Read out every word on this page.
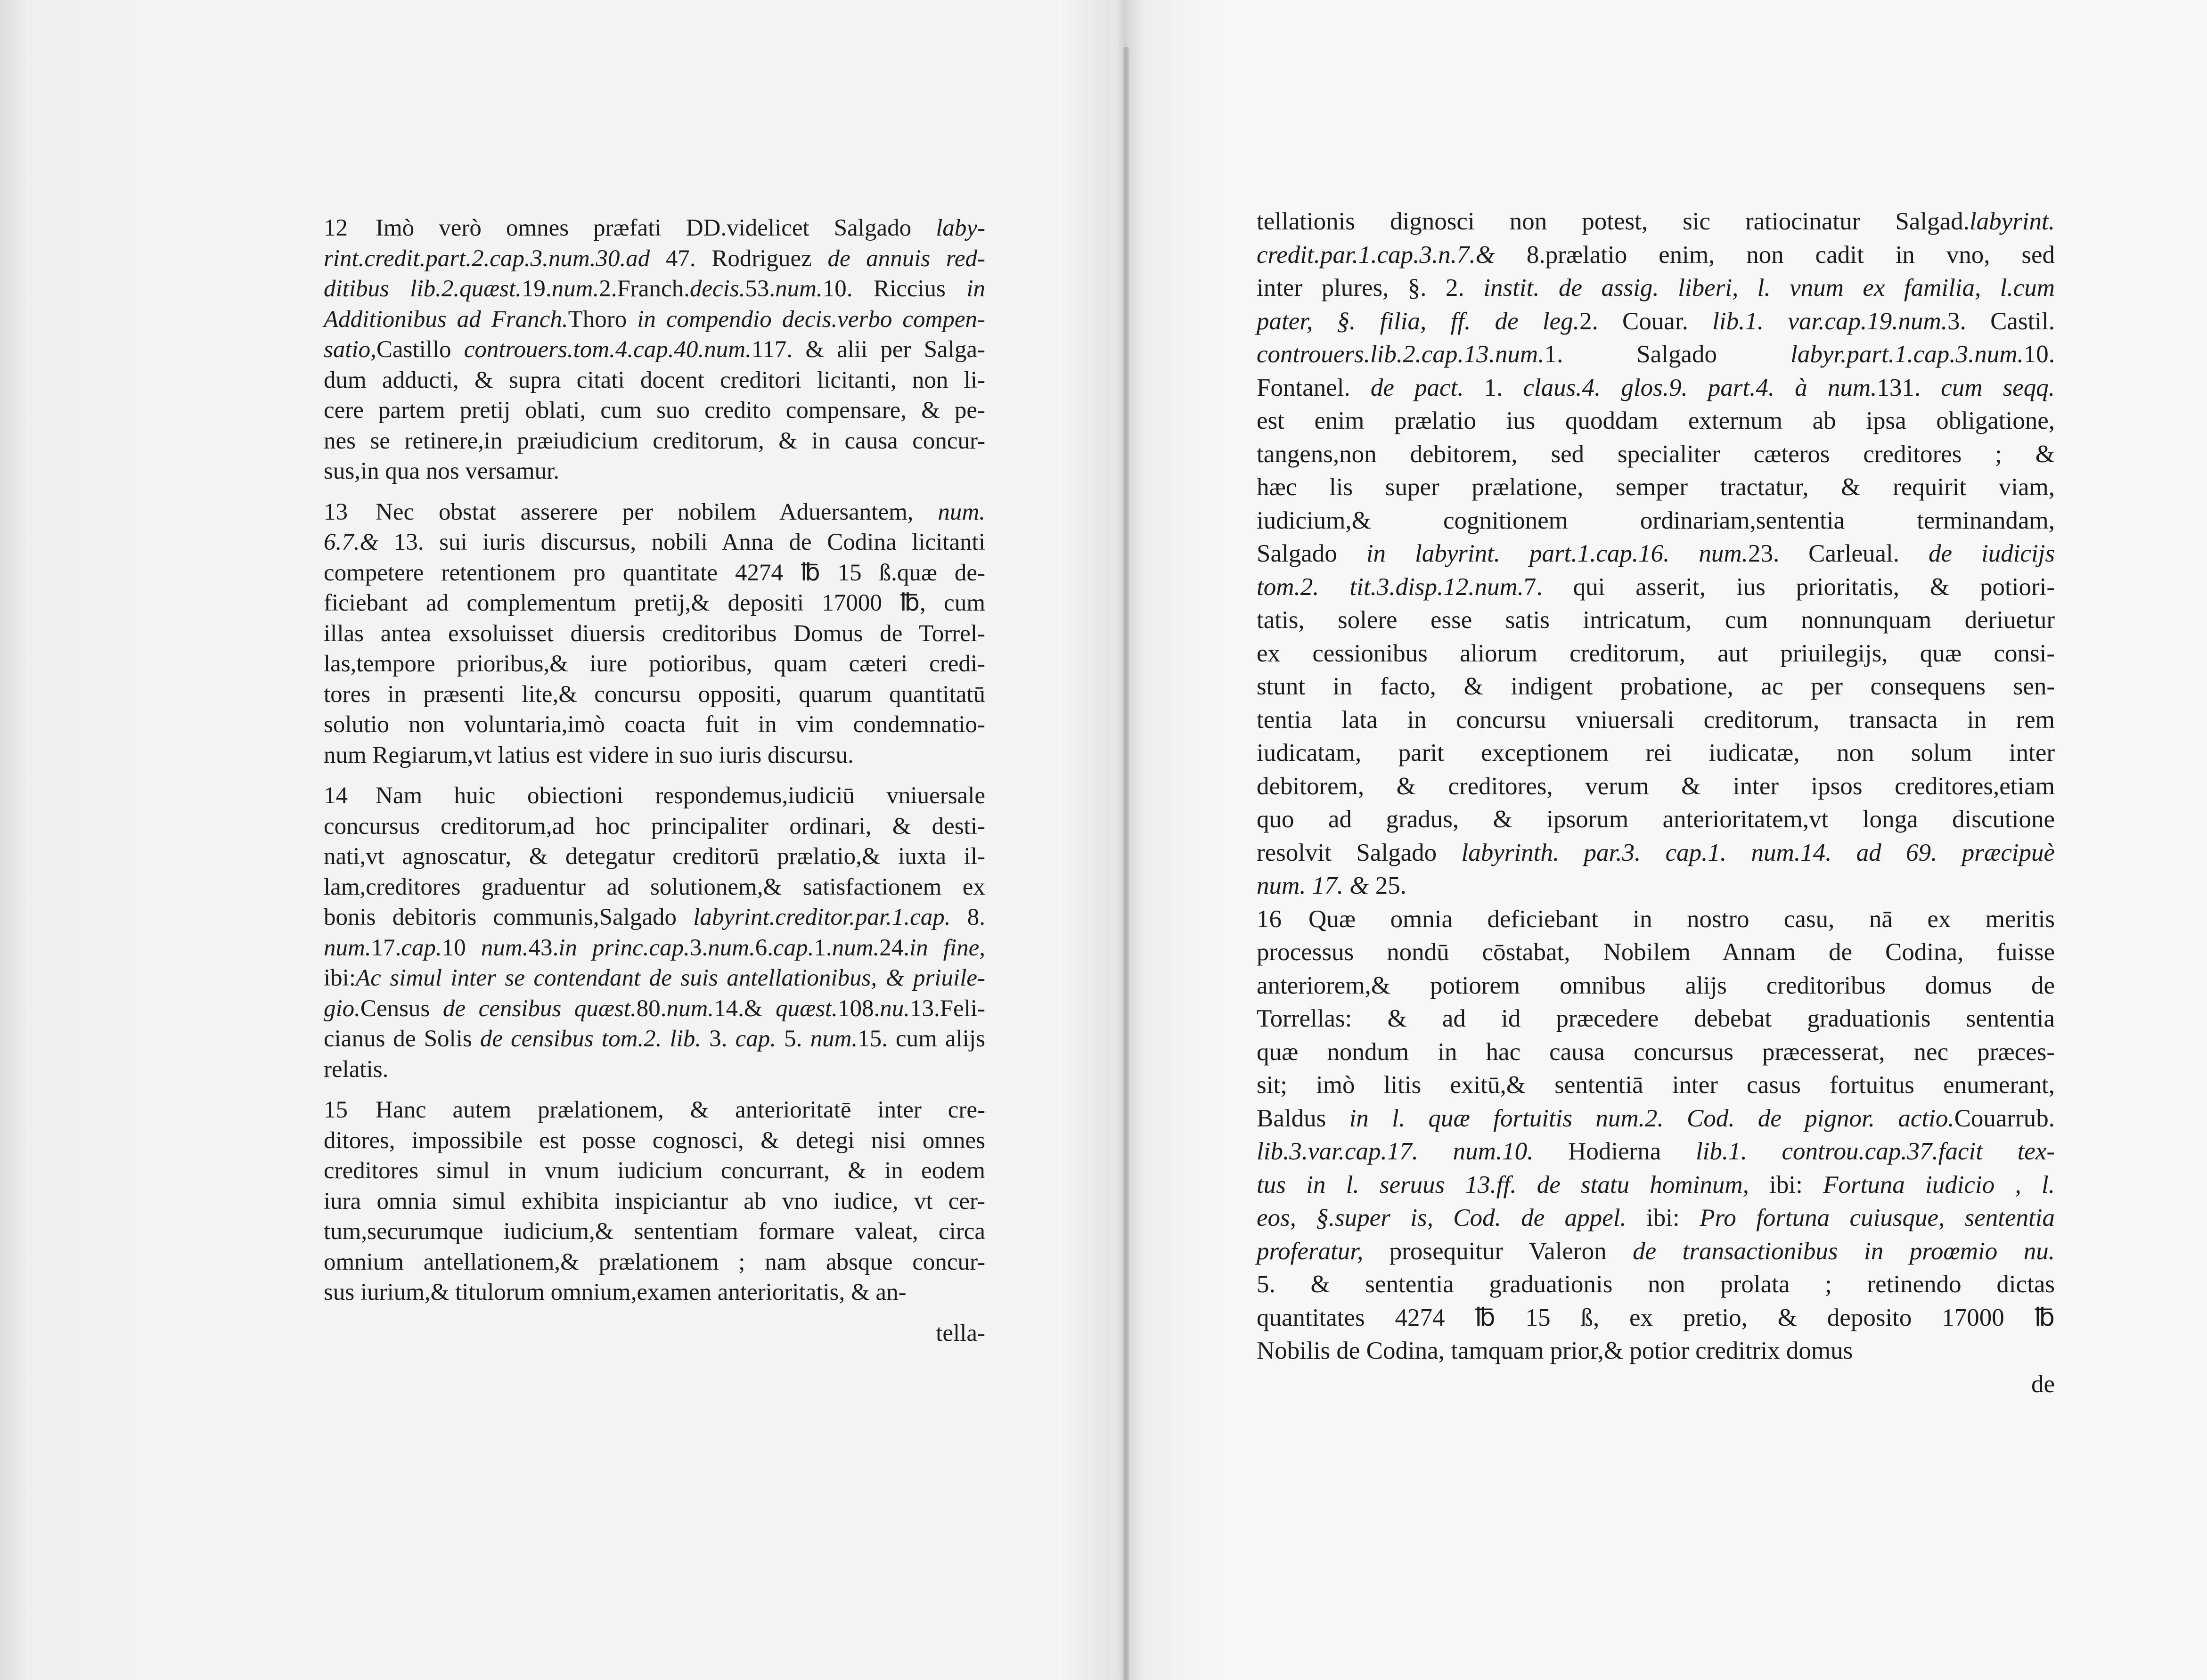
12 Imò verò omnes præfati DD.videlicet Salgado laby-
rint.credit.part.2.cap.3.num.30.ad 47. Rodriguez de annuis red-
ditibus lib.2.quæst.19.num.2.Franch.decis.53.num.10. Riccius in
Additionibus ad Franch.Thoro in compendio decis.verbo compen-
satio,Castillo controuers.tom.4.cap.40.num.117. & alii per Salga-
dum adducti, & supra citati docent creditori licitanti, non li-
cere partem pretij oblati, cum suo credito compensare, & pe-
nes se retinere,in præiudicium creditorum, & in causa concur-
sus,in qua nos versamur.
13 Nec obstat asserere per nobilem Aduersantem, num.
6.7.& 13. sui iuris discursus, nobili Anna de Codina licitanti
competere retentionem pro quantitate 4274 ℔ 15 ß.quæ de-
ficiebant ad complementum pretij,& depositi 17000 ℔, cum
illas antea exsoluisset diuersis creditoribus Domus de Torrel-
las,tempore prioribus,& iure potioribus, quam cæteri credi-
tores in præsenti lite,& concursu oppositi, quarum quantitatū
solutio non voluntaria,imò coacta fuit in vim condemnatio-
num Regiarum,vt latius est videre in suo iuris discursu.
14 Nam huic obiectioni respondemus,iudiciū vniuersale
concursus creditorum,ad hoc principaliter ordinari, & desti-
nati,vt agnoscatur, & detegatur creditorū prælatio,& iuxta il-
lam,creditores graduentur ad solutionem,& satisfactionem ex
bonis debitoris communis,Salgado labyrint.creditor.par.1.cap. 8.
num.17.cap.10 num.43.in princ.cap.3.num.6.cap.1.num.24.in fine,
ibi:Ac simul inter se contendant de suis antellationibus, & priuile-
gio.Census de censibus quæst.80.num.14.& quæst.108.nu.13.Feli-
cianus de Solis de censibus tom.2. lib. 3. cap. 5. num.15. cum alijs
relatis.
15 Hanc autem prælationem, & anterioritatē inter cre-
ditores, impossibile est posse cognosci, & detegi nisi omnes
creditores simul in vnum iudicium concurrant, & in eodem
iura omnia simul exhibita inspiciantur ab vno iudice, vt cer-
tum,securumque iudicium,& sententiam formare valeat, circa
omnium antellationem,& prælationem ; nam absque concur-
sus iurium,& titulorum omnium,examen anterioritatis, & an-
tella-
tellationis dignosci non potest, sic ratiocinatur Salgad.labyrint.
credit.par.1.cap.3.n.7.& 8.prælatio enim, non cadit in vno, sed
inter plures, §. 2. instit. de assig. liberi, l. vnum ex familia, l.cum
pater, §. filia, ff. de leg.2. Couar. lib.1. var.cap.19.num.3. Castil.
controuers.lib.2.cap.13.num.1. Salgado labyr.part.1.cap.3.num.10.
Fontanel. de pact. 1. claus.4. glos.9. part.4. à num.131. cum seqq.
est enim prælatio ius quoddam externum ab ipsa obligatione,
tangens,non debitorem, sed specialiter cæteros creditores ; &
hæc lis super prælatione, semper tractatur, & requirit viam,
iudicium,& cognitionem ordinariam,sententia terminandam,
Salgado in labyrint. part.1.cap.16. num.23. Carleual. de iudicijs
tom.2. tit.3.disp.12.num.7. qui asserit, ius prioritatis, & potiori-
tatis, solere esse satis intricatum, cum nonnunquam deriuetur
ex cessionibus aliorum creditorum, aut priuilegijs, quæ consi-
stunt in facto, & indigent probatione, ac per consequens sen-
tentia lata in concursu vniuersali creditorum, transacta in rem
iudicatam, parit exceptionem rei iudicatæ, non solum inter
debitorem, & creditores, verum & inter ipsos creditores,etiam
quo ad gradus, & ipsorum anterioritatem,vt longa discutione
resolvit Salgado labyrinth. par.3. cap.1. num.14. ad 69. præcipuè
num. 17. & 25.
16 Quæ omnia deficiebant in nostro casu, nā ex meritis
processus nondū cōstabat, Nobilem Annam de Codina, fuisse
anteriorem,& potiorem omnibus alijs creditoribus domus de
Torrellas: & ad id præcedere debebat graduationis sententia
quæ nondum in hac causa concursus præcesserat, nec præces-
sit; imò litis exitū,& sententiā inter casus fortuitus enumerant,
Baldus in l. quæ fortuitis num.2. Cod. de pignor. actio.Couarrub.
lib.3.var.cap.17. num.10. Hodierna lib.1. controu.cap.37.facit tex-
tus in l. seruus 13.ff. de statu hominum, ibi: Fortuna iudicio , l.
eos, §.super is, Cod. de appel. ibi: Pro fortuna cuiusque, sententia
proferatur, prosequitur Valeron de transactionibus in proœmio nu.
5. & sententia graduationis non prolata ; retinendo dictas
quantitates 4274 ℔ 15 ß, ex pretio, & deposito 17000 ℔
Nobilis de Codina, tamquam prior,& potior creditrix domus
de
